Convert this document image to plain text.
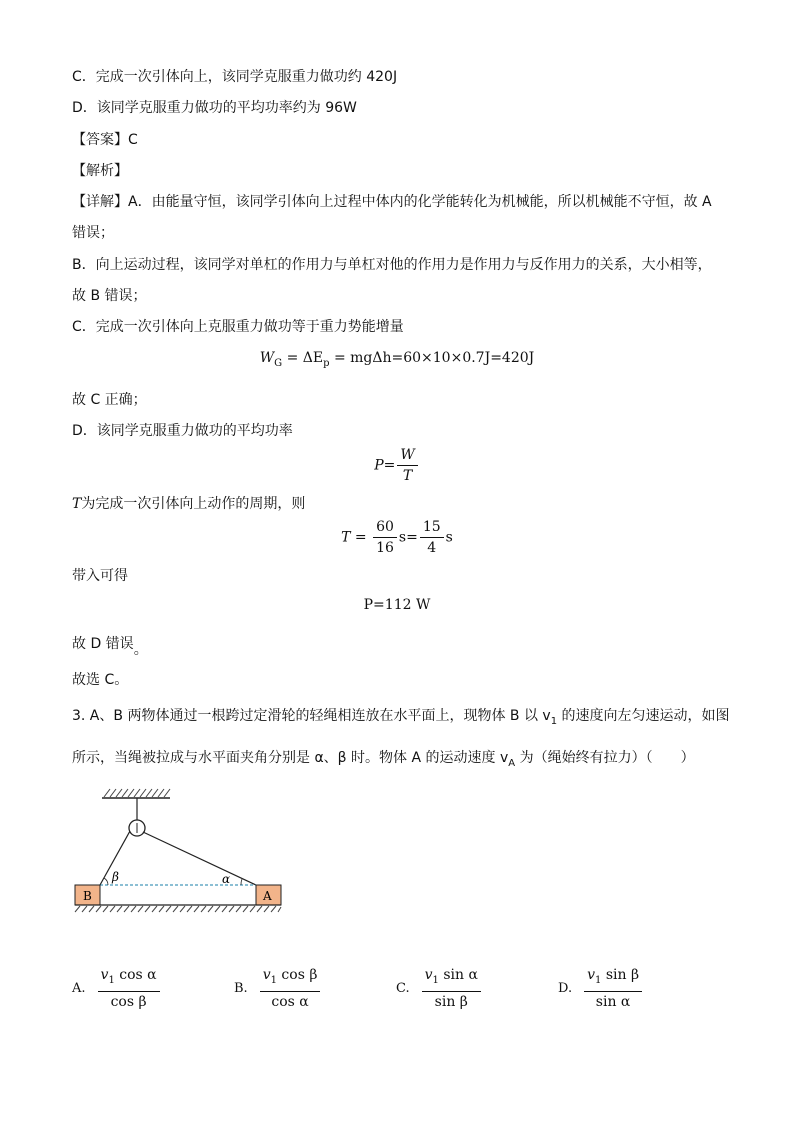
C．完成一次引体向上，该同学克服重力做功约 420J
D．该同学克服重力做功的平均功率约为 96W
【答案】C
【解析】
【详解】A．由能量守恒，该同学引体向上过程中体内的化学能转化为机械能，所以机械能不守恒，故 A
错误；
B．向上运动过程，该同学对单杠的作用力与单杠对他的作用力是作用力与反作用力的关系，大小相等，
故 B 错误；
C．完成一次引体向上克服重力做功等于重力势能增量
$W_G = \Delta E_p = mg\Delta h=60\times 10\times 0.7J=420J$
故 C 正确；
D．该同学克服重力做功的平均功率
$P= \frac{W}{T}$
T为完成一次引体向上动作的周期，则
$T = \frac{60}{16} s= \frac{15}{4}$ s
带入可得
P=112 W
故 D 错误。
故选 C。
3. A、B 两物体通过一根跨过定滑轮的轻绳相连放在水平面上，现物体 B 以 $v_1$ 的速度向左匀速运动，如图
所示，当绳被拉成与水平面夹角分别是 α、β 时。物体 A 的运动速度 $v_A$ 为（绳始终有拉力）（　　）
B	A
β	α
A. $\frac{v_1 \cos \alpha}{\text{cos β}}$	B. $\frac{v_1 \cos \beta}{\text{cos α}}$	C. $\frac{v_1 \sin \alpha}{\text{sin β}}$	D. $\frac{v_1 \sin \beta}{\text{sin α}}$
